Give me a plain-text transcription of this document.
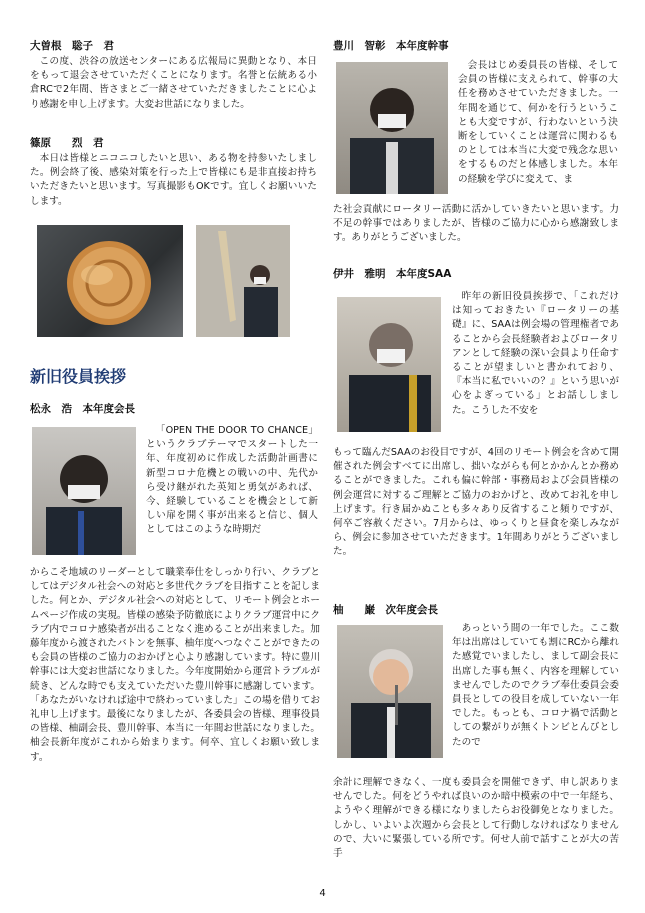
大曽根　聡子　君
この度、渋谷の放送センターにある広報局に異動となり、本日をもって退会させていただくことになります。名誉と伝統ある小倉RCで2年間、皆さまとご一緒させていただきましたことに心より感謝を申し上げます。大変お世話になりました。
篠原　　烈　君
本日は皆様とニコニコしたいと思い、ある物を持参いたしました。例会終了後、感染対策を行った上で皆様にも是非直接お持ちいただきたいと思います。写真撮影もOKです。宜しくお願いいたします。
新旧役員挨拶
松永　浩　本年度会長
「OPEN THE DOOR TO CHANCE」というクラブテーマでスタートした一年、年度初めに作成した活動計画書に新型コロナ危機との戦いの中、先代から受け継がれた英知と勇気があれば、今、経験していることを機会として新しい扉を開く事が出来ると信じ、個人としてはこのような時期だ
からこそ地域のリーダーとして職業奉仕をしっかり行い、クラブとしてはデジタル社会への対応と多世代クラブを目指すことを記しました。何とか、デジタル社会への対応として、リモート例会とホームページ作成の実現。皆様の感染予防徹底によりクラブ運営中にクラブ内でコロナ感染者が出ることなく進めることが出来ました。加藤年度から渡されたバトンを無事、柚年度へつなぐことができたのも会員の皆様のご協力のおかげと心より感謝しています。特に豊川幹事には大変お世話になりました。今年度開始から運営トラブルが続き、どんな時でも支えていただいた豊川幹事に感謝しています。「あなたがいなければ途中で終わっていました」この場を借りてお礼申し上げます。最後になりましたが、各委員会の皆様、理事役員の皆様、柚副会長、豊川幹事、本当に一年間お世話になりました。柚会長新年度がこれから始まります。何卒、宜しくお願い致します。
豊川　智彰　本年度幹事
会長はじめ委員長の皆様、そして会員の皆様に支えられて、幹事の大任を務めさせていただきました。一年間を通じて、何かを行うということも大変ですが、行わないという決断をしていくことは運営に関わるものとしては本当に大変で残念な思いをするものだと体感しました。本年の経験を学びに変えて、ま
た社会貢献にロータリー活動に活かしていきたいと思います。力不足の幹事ではありましたが、皆様のご協力に心から感謝致します。ありがとうございました。
伊井　雅明　本年度SAA
昨年の新旧役員挨拶で、「これだけは知っておきたい『ロータリーの基礎』に、SAAは例会場の管理権者であることから会長経験者およびロータリアンとして経験の深い会員より任命することが望ましいと書かれており、『本当に私でいいの？』という思いが心をよぎっている」とお話ししました。こうした不安を
もって臨んだSAAのお役目ですが、4回のリモート例会を含めて開催された例会すべてに出席し、拙いながらも何とかかんとか務めることができました。これも偏に幹部・事務局および会員皆様の例会運営に対するご理解とご協力のおかげと、改めてお礼を申し上げます。行き届かぬことも多々あり反省すること頻りですが、何卒ご容赦ください。7月からは、ゆっくりと昼食を楽しみながら、例会に参加させていただきます。1年間ありがとうございました。
柚　　巌　次年度会長
あっという間の一年でした。ここ数年は出席はしていても割にRCから離れた感覚でいましたし、まして副会長に出席した事も無く、内容を理解していませんでしたのでクラブ奉仕委員会委員長としての役目を成していない一年でした。もっとも、コロナ禍で活動としての繋がりが無くトンビとんびとしたので
余計に理解できなく、一度も委員会を開催できず、申し訳ありませんでした。何をどうやれば良いのか暗中模索の中で一年経ち、ようやく理解ができる様になりましたらお役御免となりました。しかし、いよいよ次週から会長として行動しなければなりませんので、大いに緊張している所です。何せ人前で話すことが大の苦手
4
